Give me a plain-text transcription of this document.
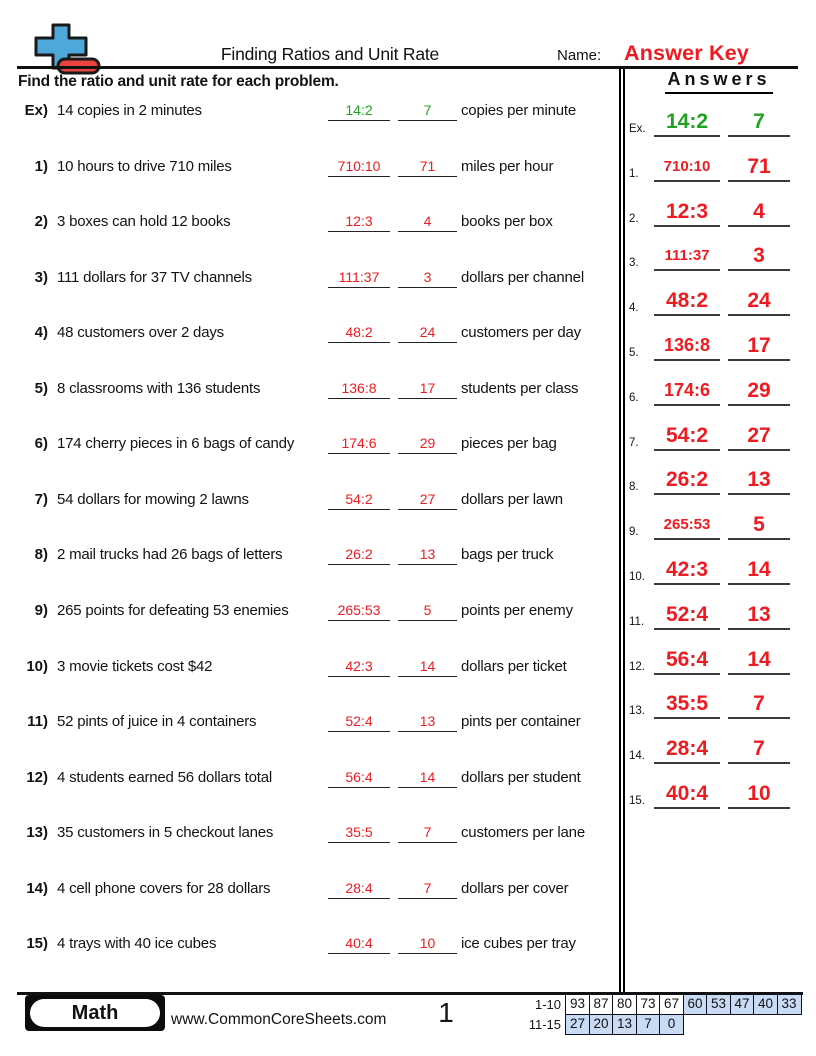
Finding Ratios and Unit Rate	Name: Answer Key
Find the ratio and unit rate for each problem.	Answers
Ex) 14 copies in 2 minutes	14:2	7	copies per minute
1) 10 hours to drive 710 miles	710:10	71	miles per hour
2) 3 boxes can hold 12 books	12:3	4	books per box
3) 111 dollars for 37 TV channels	111:37	3	dollars per channel
4) 48 customers over 2 days	48:2	24	customers per day
5) 8 classrooms with 136 students	136:8	17	students per class
6) 174 cherry pieces in 6 bags of candy	174:6	29	pieces per bag
7) 54 dollars for mowing 2 lawns	54:2	27	dollars per lawn
8) 2 mail trucks had 26 bags of letters	26:2	13	bags per truck
9) 265 points for defeating 53 enemies	265:53	5	points per enemy
10) 3 movie tickets cost $42	42:3	14	dollars per ticket
11) 52 pints of juice in 4 containers	52:4	13	pints per container
12) 4 students earned 56 dollars total	56:4	14	dollars per student
13) 35 customers in 5 checkout lanes	35:5	7	customers per lane
14) 4 cell phone covers for 28 dollars	28:4	7	dollars per cover
15) 4 trays with 40 ice cubes	40:4	10	ice cubes per tray
Ex. 14:2	7
1.	710:10	71
2.	12:3	4
3.	111:37	3
4.	48:2	24
5.	136:8	17
6.	174:6	29
7.	54:2	27
8.	26:2	13
9.	265:53	5
10. 42:3	14
11.	52:4	13
12. 56:4	14
13. 35:5	7
14. 28:4	7
15. 40:4	10
Math	www.CommonCoreSheets.com	1	1-10 93 87 80 73 67 60 53 47 40 33
11-15 27 20 13 7	0
